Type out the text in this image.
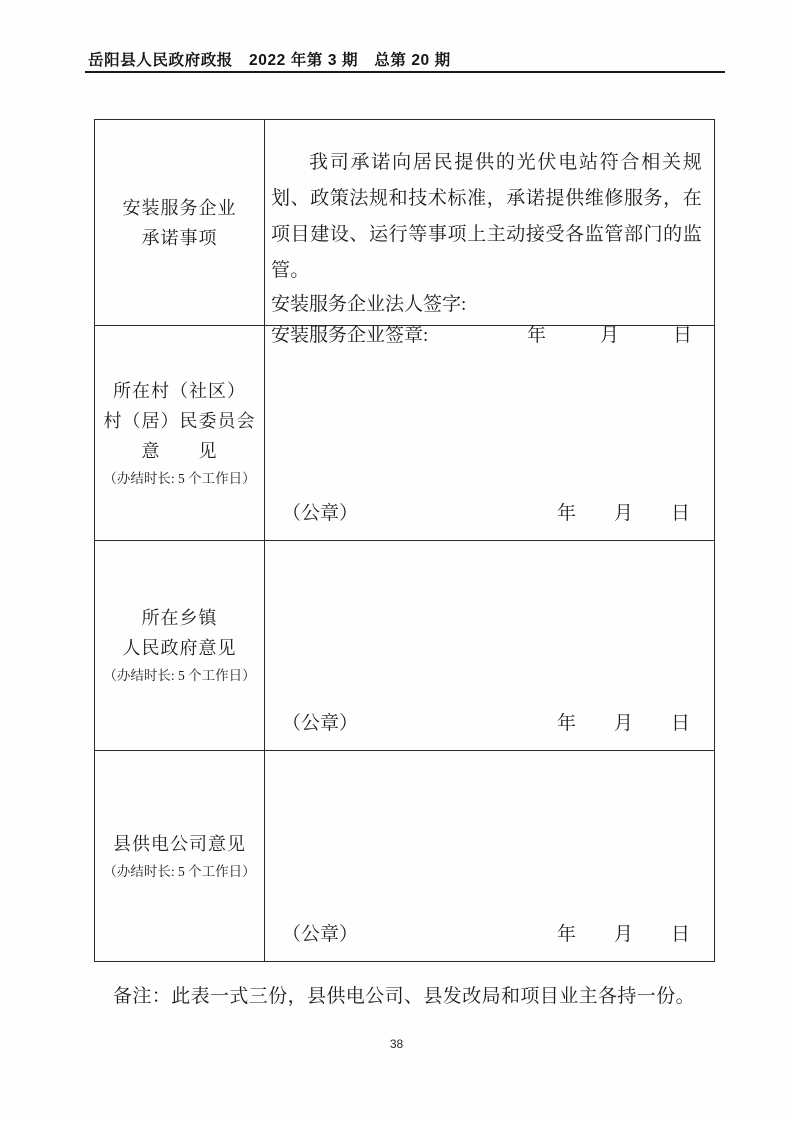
岳阳县人民政府政报　2022 年第 3 期　总第 20 期
安装服务企业
承诺事项

我司承诺向居民提供的光伏电站符合相关规划、政策法规和技术标准，承诺提供维修服务，在项目建设、运行等事项上主动接受各监管部门的监管。

安装服务企业法人签字:
安装服务企业签章:	年	月	日
所在村（社区）
村（居）民委员会
意　　见
（办结时长: 5 个工作日）
（公章）	年 月 日
所在乡镇
人民政府意见
（办结时长: 5 个工作日）
（公章）	年 月 日
县供电公司意见
（办结时长: 5 个工作日）
（公章）	年 月 日
备注：此表一式三份，县供电公司、县发改局和项目业主各持一份。
38
